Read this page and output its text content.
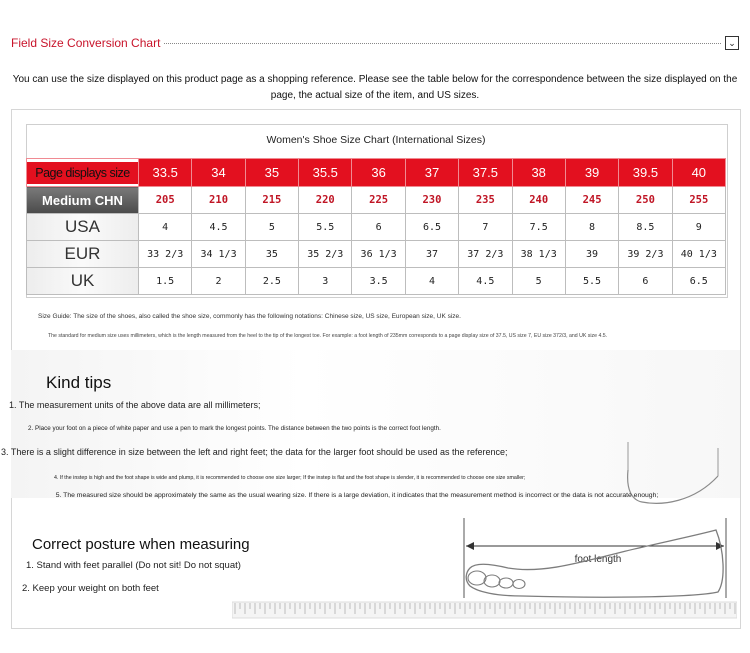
Field Size Conversion Chart	⌄
You can use the size displayed on this product page as a shopping reference. Please see the table below for the correspondence between the size displayed on the page, the actual size of the item, and US sizes.
Women's Shoe Size Chart (International Sizes)
Page displays size	33.5	34	35	35.5	36	37	37.5	38	39	39.5	40
Medium CHN	205	210	215	220	225	230	235	240	245	250	255
USA	4	4.5	5	5.5	6	6.5	7	7.5	8	8.5	9
EUR	33 2/3	34 1/3	35	35 2/3	36 1/3	37	37 2/3	38 1/3	39	39 2/3	40 1/3
UK	1.5	2	2.5	3	3.5	4	4.5	5	5.5	6	6.5
Size Guide: The size of the shoes, also called the shoe size, commonly has the following notations: Chinese size, US size, European size, UK size.
The standard for medium size uses millimeters, which is the length measured from the heel to the tip of the longest toe. For example: a foot length of 235mm corresponds to a page display size of 37.5, US size 7, EU size 372/3, and UK size 4.5.
foot length
Kind tips
1. The measurement units of the above data are all millimeters;
2. Place your foot on a piece of white paper and use a pen to mark the longest points. The distance between the two points is the correct foot length.
3. There is a slight difference in size between the left and right feet; the data for the larger foot should be used as the reference;
4. If the instep is high and the foot shape is wide and plump, it is recommended to choose one size larger; If the instep is flat and the foot shape is slender, it is recommended to choose one size smaller;
5. The measured size should be approximately the same as the usual wearing size. If there is a large deviation, it indicates that the measurement method is incorrect or the data is not accurate enough;
Correct posture when measuring
1. Stand with feet parallel (Do not sit! Do not squat)
2. Keep your weight on both feet
